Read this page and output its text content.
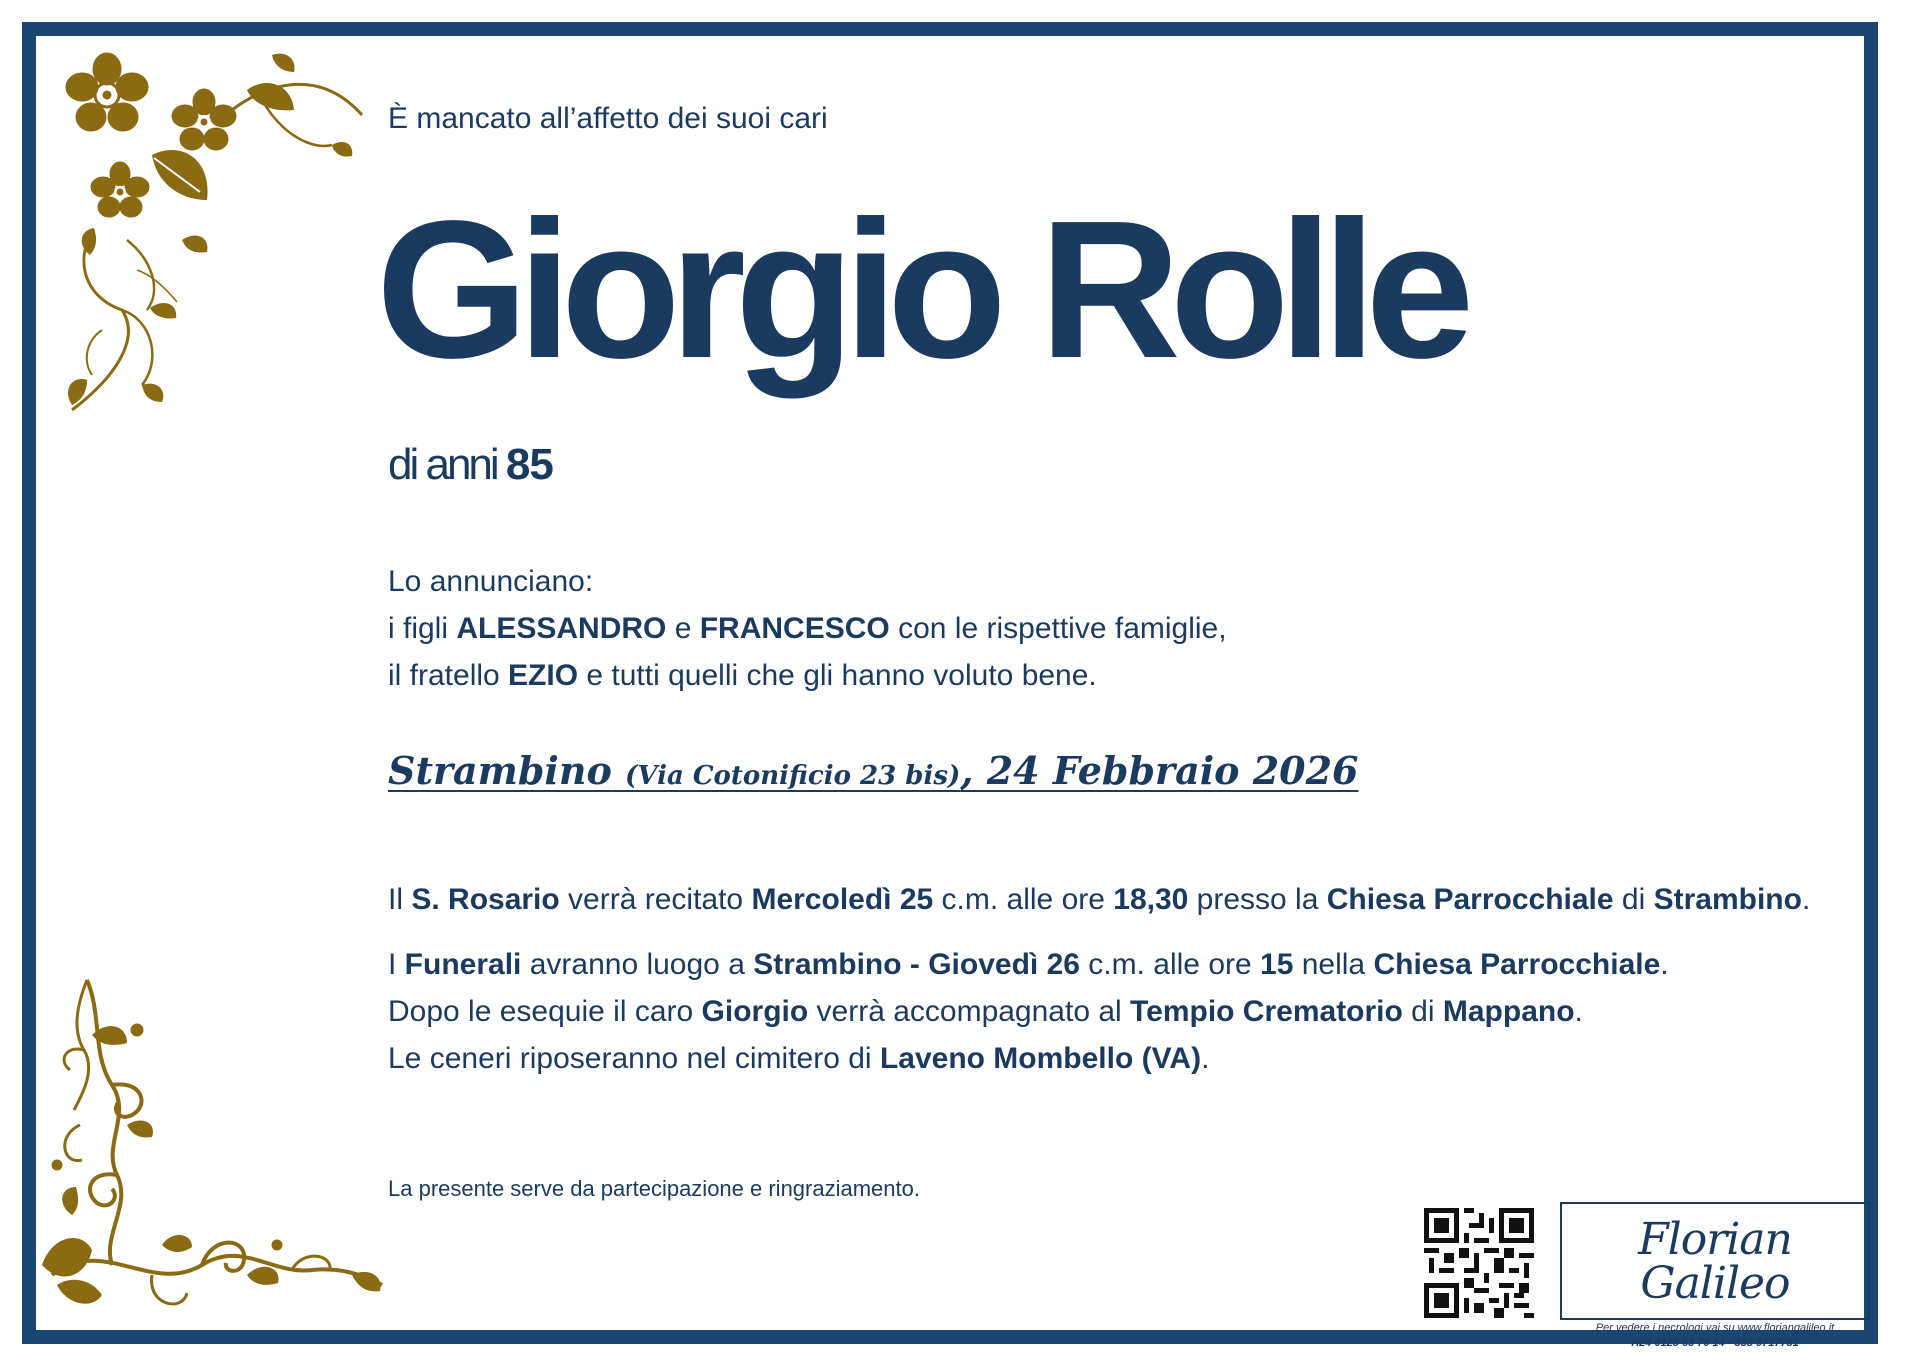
È mancato all’affetto dei suoi cari
Giorgio Rolle
di anni 85
Lo annunciano:
i figli ALESSANDRO e FRANCESCO con le rispettive famiglie,
il fratello EZIO e tutti quelli che gli hanno voluto bene.
Strambino (Via Cotonificio 23 bis), 24 Febbraio 2026

Il S. Rosario verrà recitato Mercoledì 25 c.m. alle ore 18,30 presso la Chiesa Parrocchiale di Strambino.

I Funerali avranno luogo a Strambino - Giovedì 26 c.m. alle ore 15 nella Chiesa Parrocchiale.

Dopo le esequie il caro Giorgio verrà accompagnato al Tempio Crematorio di Mappano.

Le ceneri riposeranno nel cimitero di Laveno Mombello (VA).

La presente serve da partecipazione e ringraziamento.
Florian Galileo
Per vedere i necrologi vai su www.floriangalileo.it
H24 0125 63 70 14 - 338 9717781
